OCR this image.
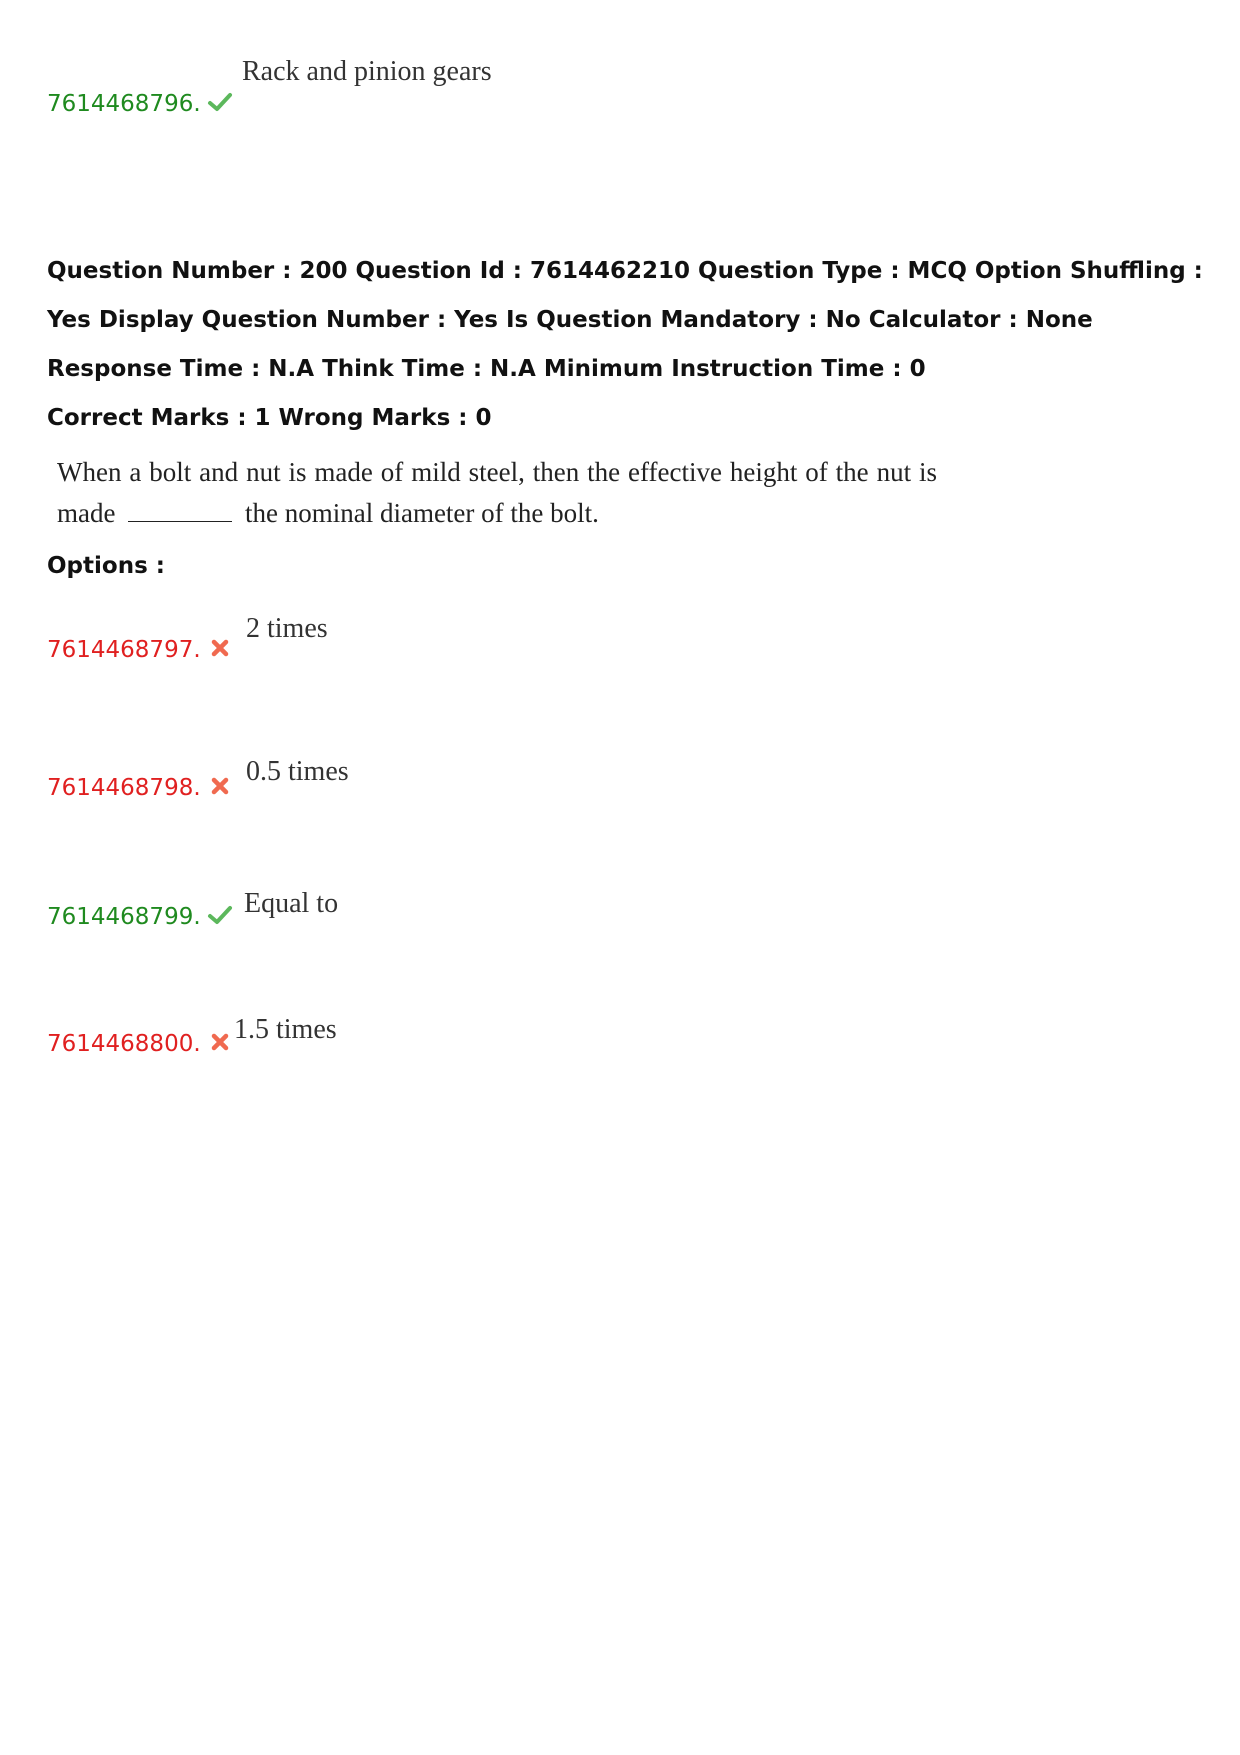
7614468796.
Rack and pinion gears
Question Number : 200 Question Id : 7614462210 Question Type : MCQ Option Shuffling : Yes Display Question Number : Yes Is Question Mandatory : No Calculator : None Response Time : N.A Think Time : N.A Minimum Instruction Time : 0
Correct Marks : 1 Wrong Marks : 0
When a bolt and nut is made of mild steel, then the effective height of the nut is made	the nominal diameter of the bolt.
Options :
7614468797.
2 times
7614468798.
0.5 times
7614468799. Equal to
7614468800. 1.5 times
